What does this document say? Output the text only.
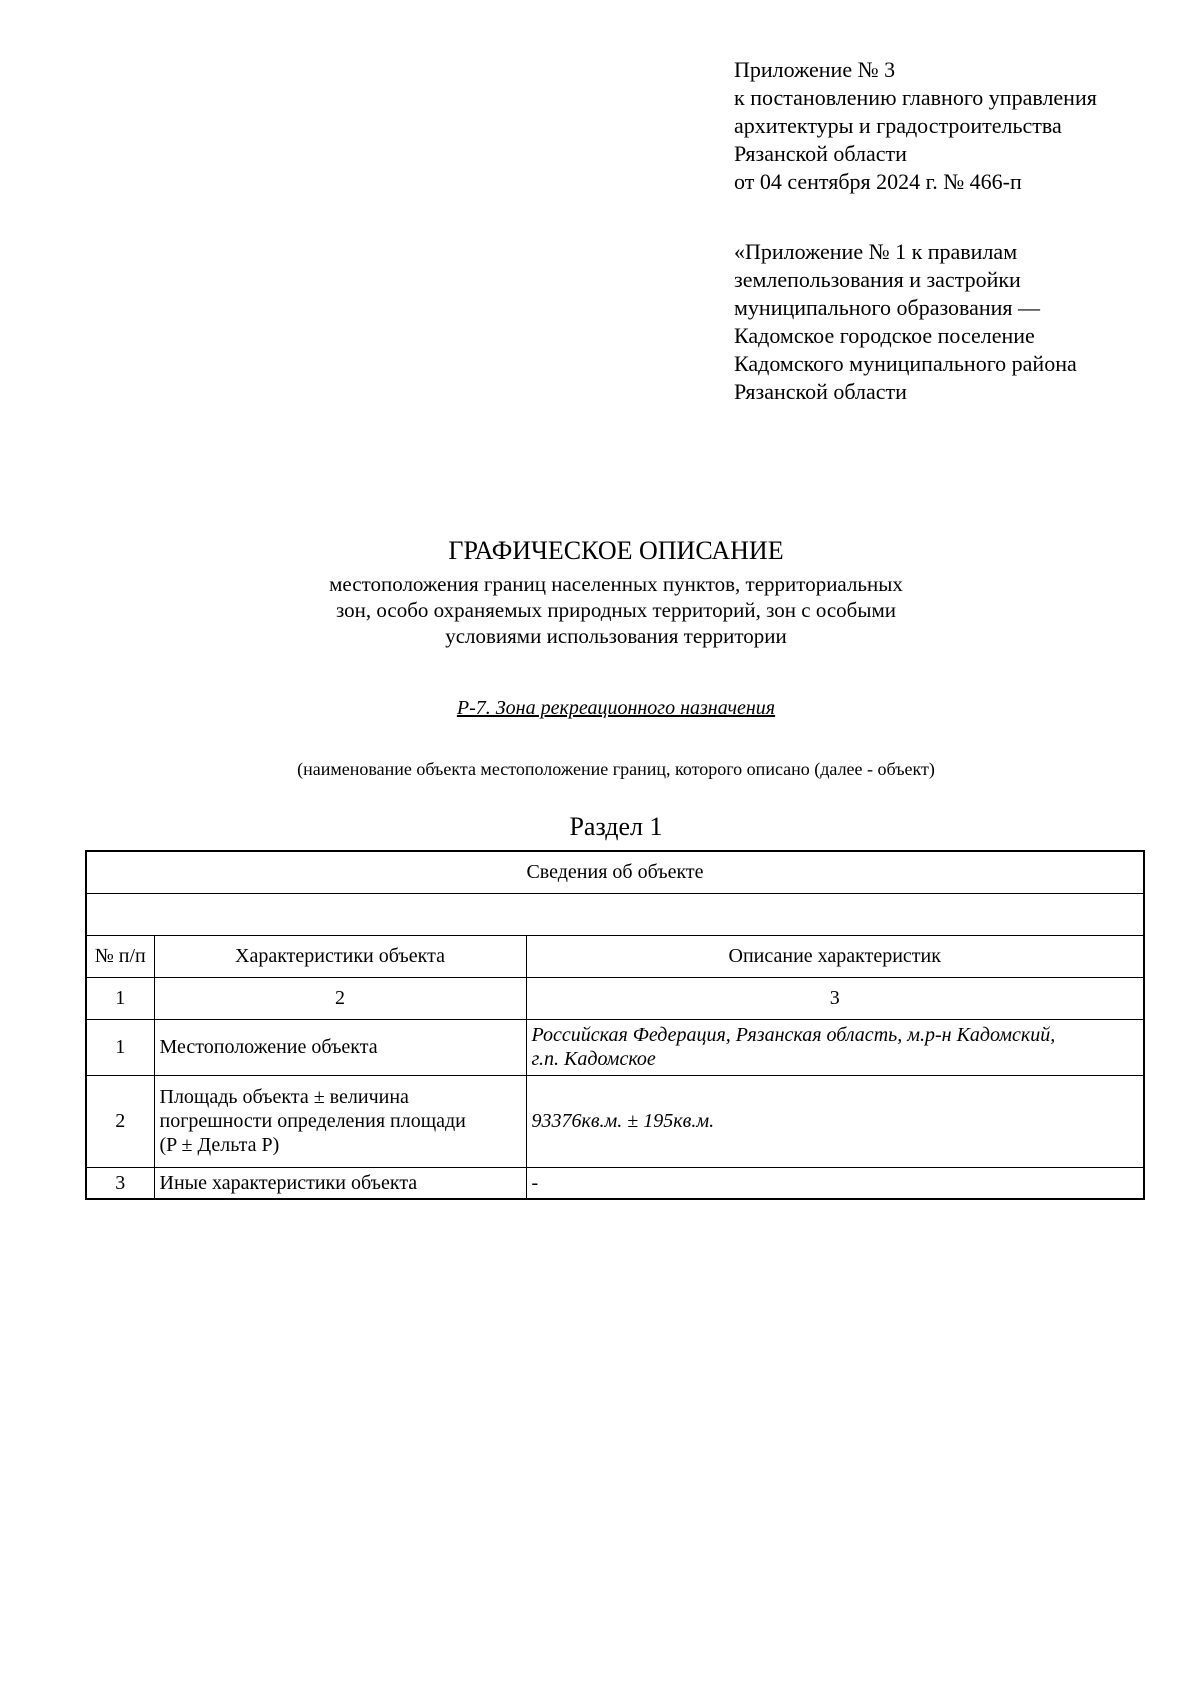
Приложение № 3
к постановлению главного управления
архитектуры и градостроительства
Рязанской области
от 04 сентября 2024 г. № 466-п
«Приложение № 1 к правилам
землепользования и застройки
муниципального образования —
Кадомское городское поселение
Кадомского муниципального района
Рязанской области
ГРАФИЧЕСКОЕ ОПИСАНИЕ
местоположения границ населенных пунктов, территориальных
зон, особо охраняемых природных территорий, зон с особыми
условиями использования территории
Р-7. Зона рекреационного назначения
(наименование объекта местоположение границ, которого описано (далее - объект)
Раздел 1
Сведения об объекте		

№ п/п	Характеристики объекта	Описание характеристик
1	2	3
1	Местоположение объекта	Российская Федерация, Рязанская область, м.р-н Кадомский,
г.п. Кадомское

2	Площадь объекта ± величина
погрешности определения площади
(P ± Дельта P)	93376кв.м. ± 195кв.м.

3	Иные характеристики объекта	-
